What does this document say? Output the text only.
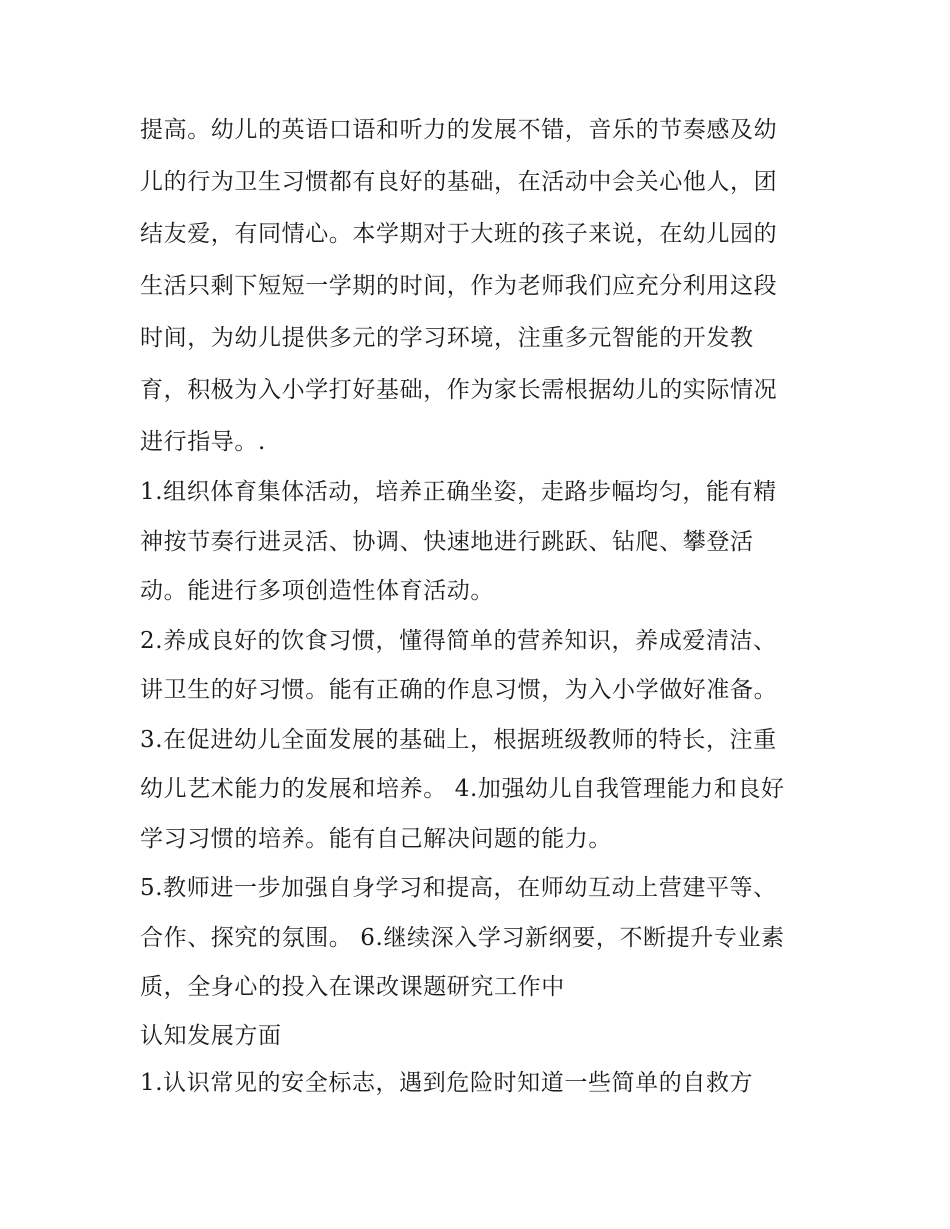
提高。幼儿的英语口语和听力的发展不错，音乐的节奏感及幼
儿的行为卫生习惯都有良好的基础，在活动中会关心他人，团
结友爱，有同情心。本学期对于大班的孩子来说，在幼儿园的
生活只剩下短短一学期的时间，作为老师我们应充分利用这段
时间，为幼儿提供多元的学习环境，注重多元智能的开发教
育，积极为入小学打好基础，作为家长需根据幼儿的实际情况
进行指导。.
1.组织体育集体活动，培养正确坐姿，走路步幅均匀，能有精
神按节奏行进灵活、协调、快速地进行跳跃、钻爬、攀登活
动。能进行多项创造性体育活动。
2.养成良好的饮食习惯，懂得简单的营养知识，养成爱清洁、
讲卫生的好习惯。能有正确的作息习惯，为入小学做好准备。
3.在促进幼儿全面发展的基础上，根据班级教师的特长，注重
幼儿艺术能力的发展和培养。 4.加强幼儿自我管理能力和良好
学习习惯的培养。能有自己解决问题的能力。
5.教师进一步加强自身学习和提高，在师幼互动上营建平等、
合作、探究的氛围。 6.继续深入学习新纲要，不断提升专业素
质，全身心的投入在课改课题研究工作中
认知发展方面
1.认识常见的安全标志，遇到危险时知道一些简单的自救方
